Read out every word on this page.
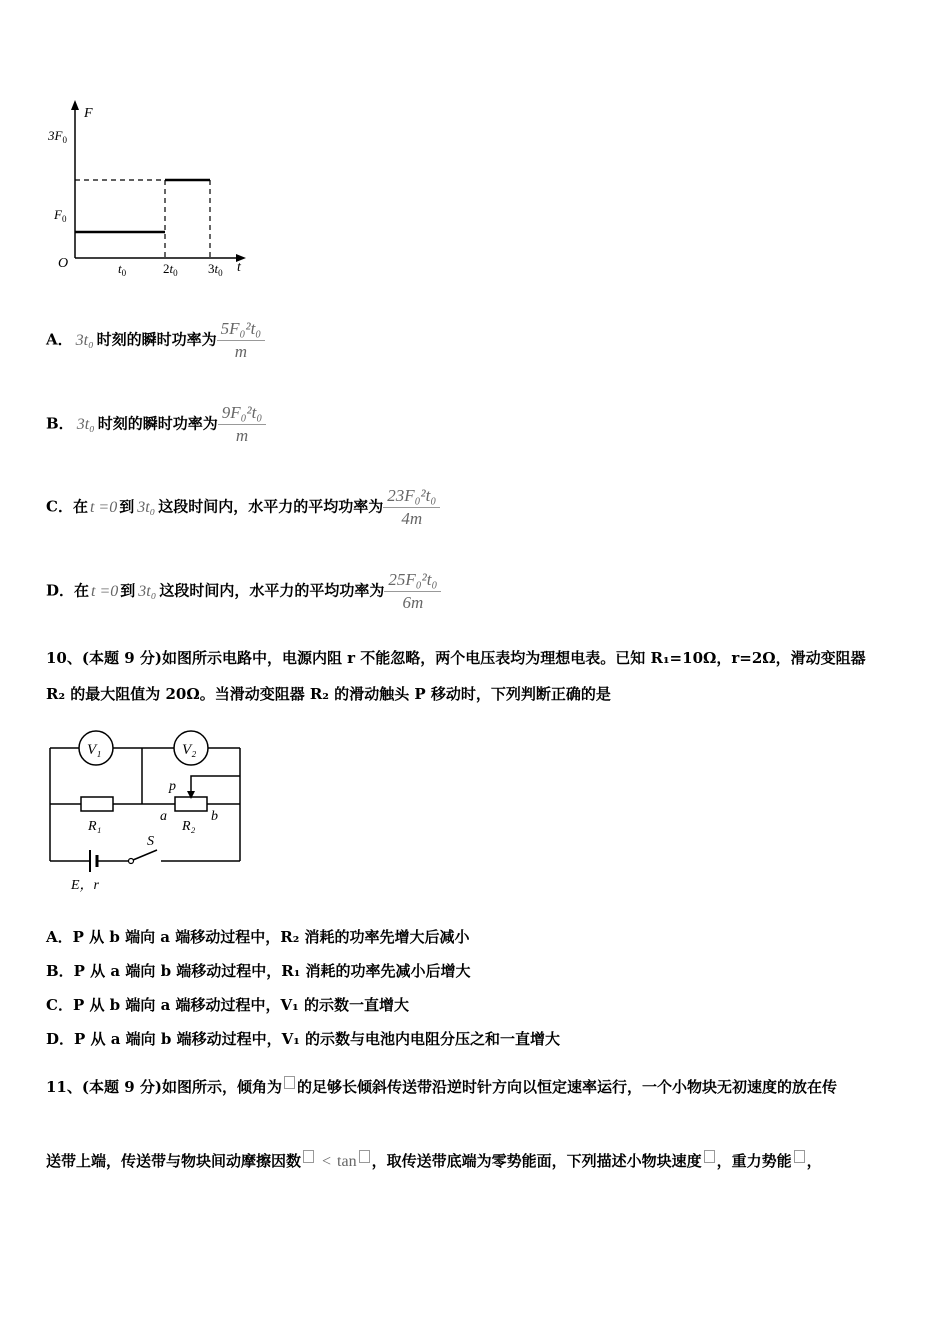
F
t
O
$3F_0$
$F_0$
$t_0$	$2t_0$ $3t_0$
A． 3t₀ 时刻的瞬时功率为 $\frac{\text{5F₀²t₀}}{m}$
B． 3t₀ 时刻的瞬时功率为 $\frac{\text{9F₀²t₀}}{m}$
C．在 t =0 到 3t₀ 这段时间内，水平力的平均功率为 $\frac{\text{23F₀²t₀}}{4m}$
D．在 t =0 到 3t₀ 这段时间内，水平力的平均功率为 $\frac{\text{25F₀²t₀}}{6m}$
10、(本题 9 分)如图所示电路中，电源内阻 r 不能忽略，两个电压表均为理想电表。已知 R₁=10Ω，r=2Ω，滑动变阻器
R₂ 的最大阻值为 20Ω。当滑动变阻器 R₂ 的滑动触头 P 移动时，下列判断正确的是
V₁	V₂
R₁	R₂
p
a	b
S
E，r
A．P 从 b 端向 a 端移动过程中，R₂ 消耗的功率先增大后减小
B．P 从 a 端向 b 端移动过程中，R₁ 消耗的功率先减小后增大
C．P 从 b 端向 a 端移动过程中，V₁ 的示数一直增大
D．P 从 a 端向 b 端移动过程中，V₁ 的示数与电池内电阻分压之和一直增大
11、(本题 9 分)如图所示，倾角为 的足够长倾斜传送带沿逆时针方向以恒定速率运行，一个小物块无初速度的放在传
送带上端，传送带与物块间动摩擦因数 < tan ，取传送带底端为零势能面，下列描述小物块速度 ，重力势能 ，
